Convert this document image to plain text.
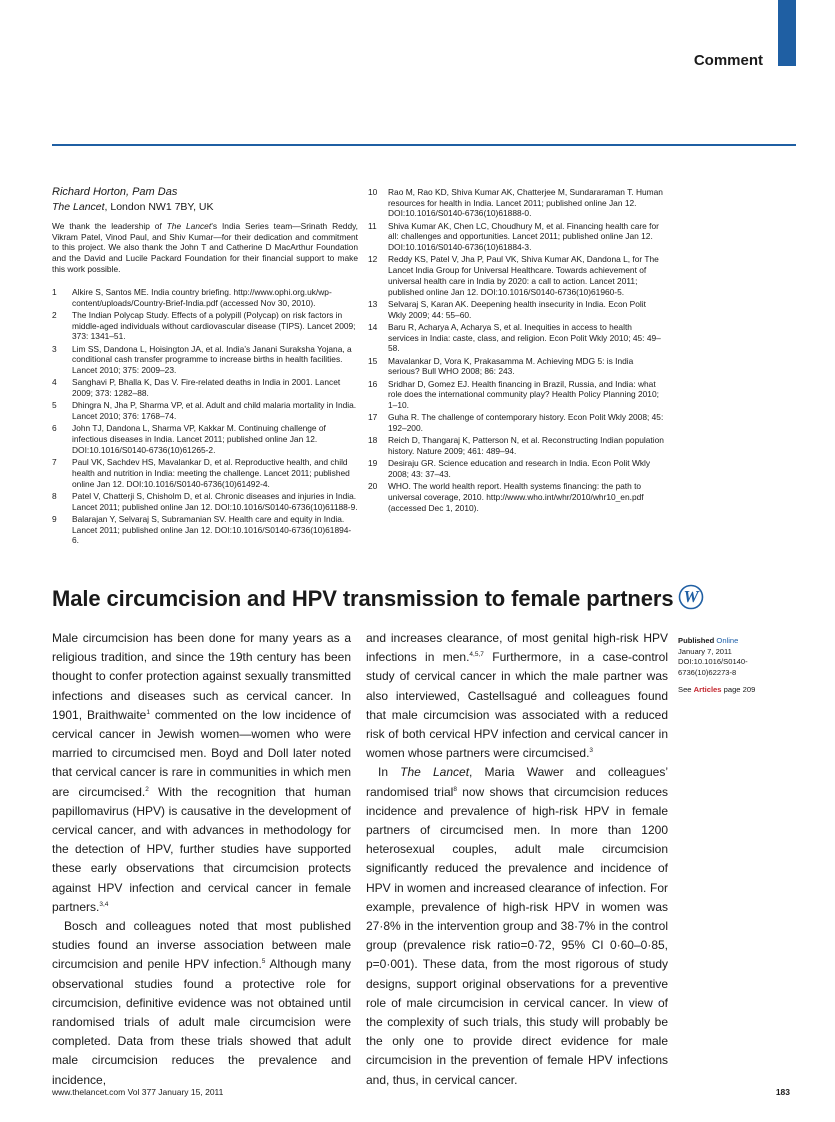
Comment
Richard Horton, Pam Das
The Lancet, London NW1 7BY, UK
We thank the leadership of The Lancet’s India Series team—Srinath Reddy, Vikram Patel, Vinod Paul, and Shiv Kumar—for their dedication and commitment to this project. We also thank the John T and Catherine D MacArthur Foundation and the David and Lucile Packard Foundation for their financial support to make this work possible.

1 Alkire S, Santos ME. India country briefing. http://www.ophi.org.uk/wp-content/uploads/Country-Brief-India.pdf (accessed Nov 30, 2010).

2 The Indian Polycap Study. Effects of a polypill (Polycap) on risk factors in middle-aged individuals without cardiovascular disease (TIPS). Lancet 2009; 373: 1341–51.

3 Lim SS, Dandona L, Hoisington JA, et al. India’s Janani Suraksha Yojana, a conditional cash transfer programme to increase births in health facilities. Lancet 2010; 375: 2009–23.

4 Sanghavi P, Bhalla K, Das V. Fire-related deaths in India in 2001. Lancet 2009; 373: 1282–88.

5 Dhingra N, Jha P, Sharma VP, et al. Adult and child malaria mortality in India. Lancet 2010; 376: 1768–74.

6 John TJ, Dandona L, Sharma VP, Kakkar M. Continuing challenge of infectious diseases in India. Lancet 2011; published online Jan 12. DOI:10.1016/S0140-6736(10)61265-2.

7 Paul VK, Sachdev HS, Mavalankar D, et al. Reproductive health, and child health and nutrition in India: meeting the challenge. Lancet 2011; published online Jan 12. DOI:10.1016/S0140-6736(10)61492-4.

8 Patel V, Chatterji S, Chisholm D, et al. Chronic diseases and injuries in India. Lancet 2011; published online Jan 12. DOI:10.1016/S0140-6736(10)61188-9.

9 Balarajan Y, Selvaraj S, Subramanian SV. Health care and equity in India. Lancet 2011; published online Jan 12. DOI:10.1016/S0140-6736(10)61894-6.

10 Rao M, Rao KD, Shiva Kumar AK, Chatterjee M, Sundararaman T. Human resources for health in India. Lancet 2011; published online Jan 12. DOI:10.1016/S0140-6736(10)61888-0.

11 Shiva Kumar AK, Chen LC, Choudhury M, et al. Financing health care for all: challenges and opportunities. Lancet 2011; published online Jan 12. DOI:10.1016/S0140-6736(10)61884-3.

12 Reddy KS, Patel V, Jha P, Paul VK, Shiva Kumar AK, Dandona L, for The Lancet India Group for Universal Healthcare. Towards achievement of universal health care in India by 2020: a call to action. Lancet 2011; published online Jan 12. DOI:10.1016/S0140-6736(10)61960-5.

13 Selvaraj S, Karan AK. Deepening health insecurity in India. Econ Polit Wkly 2009; 44: 55–60.

14 Baru R, Acharya A, Acharya S, et al. Inequities in access to health services in India: caste, class, and religion. Econ Polit Wkly 2010; 45: 49–58.

15 Mavalankar D, Vora K, Prakasamma M. Achieving MDG 5: is India serious? Bull WHO 2008; 86: 243.

16 Sridhar D, Gomez EJ. Health financing in Brazil, Russia, and India: what role does the international community play? Health Policy Planning 2010; 1–10.

17 Guha R. The challenge of contemporary history. Econ Polit Wkly 2008; 45: 192–200.

18 Reich D, Thangaraj K, Patterson N, et al. Reconstructing Indian population history. Nature 2009; 461: 489–94.

19 Desiraju GR. Science education and research in India. Econ Polit Wkly 2008; 43: 37–43.

20 WHO. The world health report. Health systems financing: the path to universal coverage, 2010. http://www.who.int/whr/2010/whr10_en.pdf (accessed Dec 1, 2010).

Male circumcision and HPV transmission to female partners W

Male circumcision has been done for many years as a religious tradition, and since the 19th century has been thought to confer protection against sexually transmitted infections and diseases such as cervical cancer. In 1901, Braithwaite$^1$ commented on the low incidence of cervical cancer in Jewish women—women who were married to circumcised men. Boyd and Doll later noted that cervical cancer is rare in communities in which men are circumcised.$^2$ With the recognition that human papillomavirus (HPV) is causative in the development of cervical cancer, and with advances in methodology for the detection of HPV, further studies have supported these early observations that circumcision protects against HPV infection and cervical cancer in female partners.$^{3,4}$

Bosch and colleagues noted that most published studies found an inverse association between male circumcision and penile HPV infection.$^5$ Although many observational studies found a protective role for circumcision, definitive evidence was not obtained until randomised trials of adult male circumcision were completed. Data from these trials showed that adult male circumcision reduces the prevalence and incidence,

and increases clearance, of most genital high-risk HPV infections in men.$^{4,5,7}$ Furthermore, in a case-control study of cervical cancer in which the male partner was also interviewed, Castellsagué and colleagues found that male circumcision was associated with a reduced risk of both cervical HPV infection and cervical cancer in women whose partners were circumcised.$^3$

In The Lancet, Maria Wawer and colleagues’ randomised trial$^8$ now shows that circumcision reduces incidence and prevalence of high-risk HPV in female partners of circumcised men. In more than 1200 heterosexual couples, adult male circumcision significantly reduced the prevalence and incidence of HPV in women and increased clearance of infection. For example, prevalence of high-risk HPV in women was 27·8% in the intervention group and 38·7% in the control group (prevalence risk ratio=0·72, 95% CI 0·60–0·85, p=0·001). These data, from the most rigorous of study designs, support original observations for a preventive role of male circumcision in cervical cancer. In view of the complexity of such trials, this study will probably be the only one to provide direct evidence for male circumcision in the prevention of female HPV infections and, thus, in cervical cancer.

Published Online
January 7, 2011
DOI:10.1016/S0140-6736(10)62273-8
See Articles page 209
www.thelancet.com Vol 377 January 15, 2011	183
